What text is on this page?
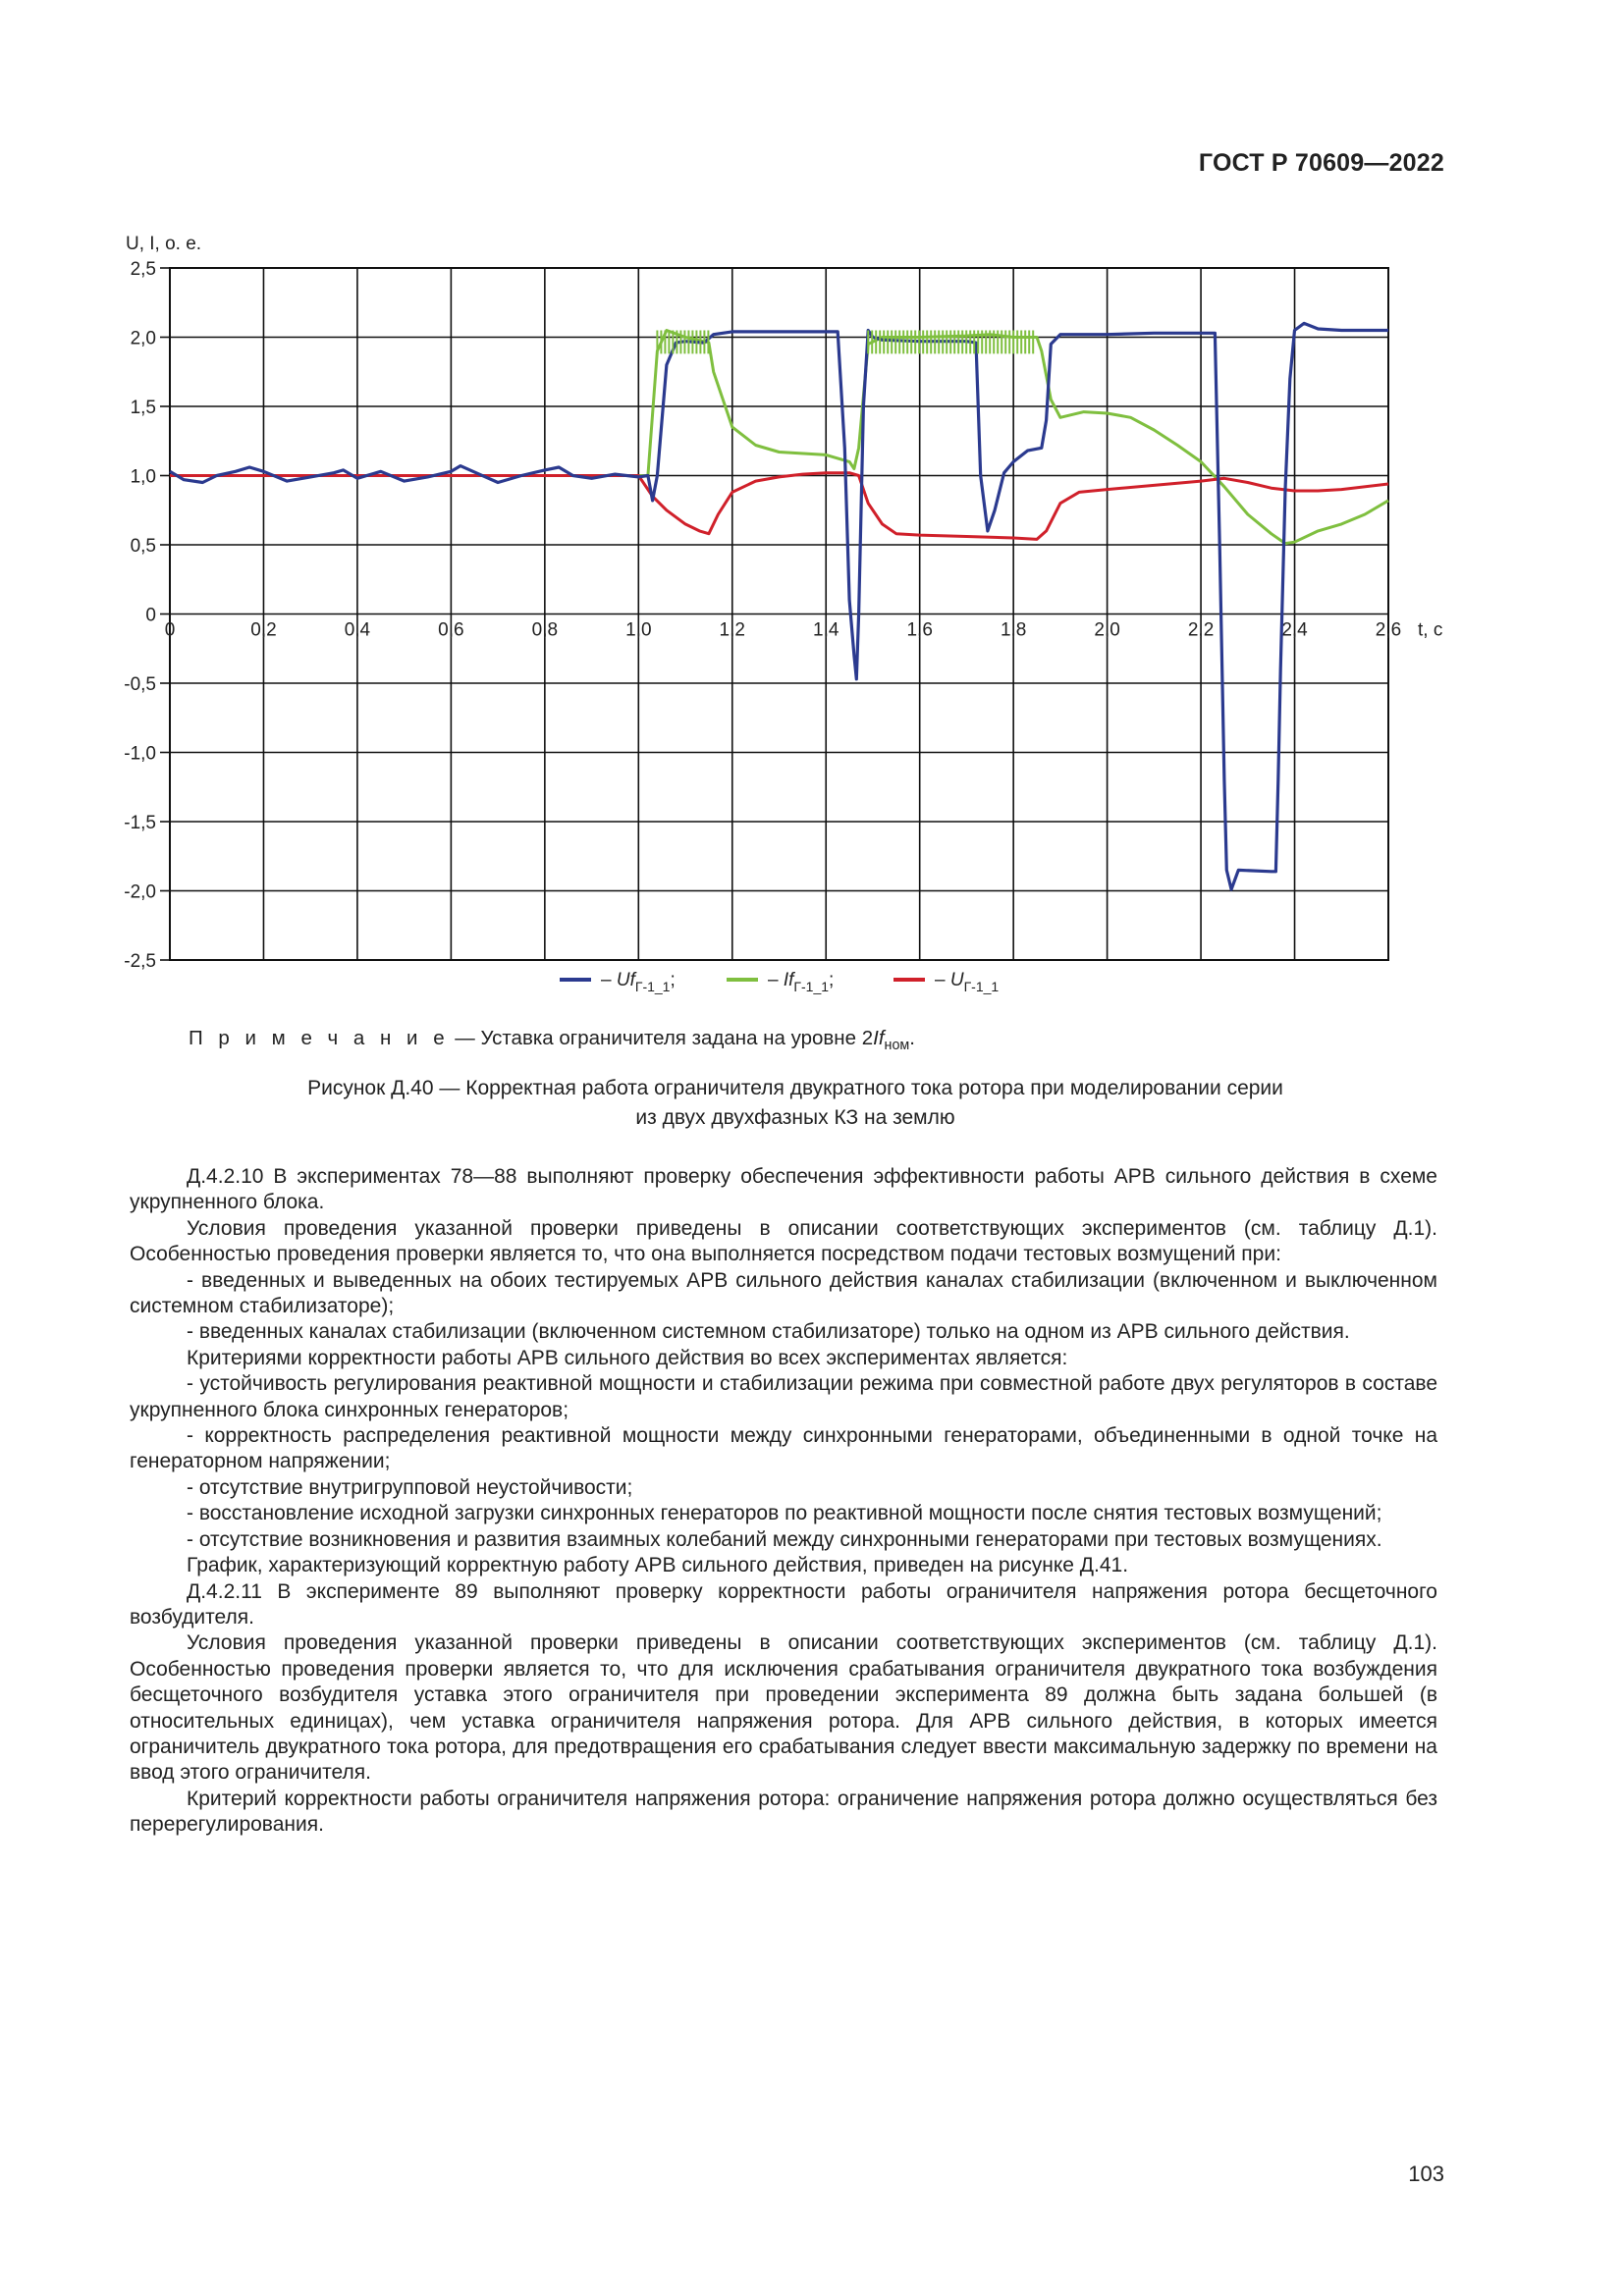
ГОСТ Р 70609—2022
0	0,2	0,4	0,6	0,8	1,0	1,2	1,4	1,6	1,8	2,0	2,2	2,4	2,6
2,5
2,0
1,5
1,0
0,5
0
-0,5
-1,0
-1,5
-2,0
-2,5
U, I, о. е.
t, с
– $Uf_{Г-1\_1}$;	– $If_{Г-1\_1}$;	– $U_{Г-1\_1}$
П р и м е ч а н и е — Уставка ограничителя задана на уровне $2If_{ном}$.
Рисунок Д.40 — Корректная работа ограничителя двукратного тока ротора при моделировании серии
из двух двухфазных КЗ на землю

Д.4.2.10 В экспериментах 78—88 выполняют проверку обеспечения эффективности работы АРВ сильного действия в схеме укрупненного блока.

Условия проведения указанной проверки приведены в описании соответствующих экспериментов (см. таблицу Д.1). Особенностью проведения проверки является то, что она выполняется посредством подачи тестовых возмущений при:

- введенных и выведенных на обоих тестируемых АРВ сильного действия каналах стабилизации (включенном и выключенном системном стабилизаторе);

- введенных каналах стабилизации (включенном системном стабилизаторе) только на одном из АРВ сильного действия.

Критериями корректности работы АРВ сильного действия во всех экспериментах является:

- устойчивость регулирования реактивной мощности и стабилизации режима при совместной работе двух регуляторов в составе укрупненного блока синхронных генераторов;

- корректность распределения реактивной мощности между синхронными генераторами, объединенными в одной точке на генераторном напряжении;

- отсутствие внутригрупповой неустойчивости;

- восстановление исходной загрузки синхронных генераторов по реактивной мощности после снятия тестовых возмущений;

- отсутствие возникновения и развития взаимных колебаний между синхронными генераторами при тестовых возмущениях.

График, характеризующий корректную работу АРВ сильного действия, приведен на рисунке Д.41.

Д.4.2.11 В эксперименте 89 выполняют проверку корректности работы ограничителя напряжения ротора бесщеточного возбудителя.

Условия проведения указанной проверки приведены в описании соответствующих экспериментов (см. таблицу Д.1). Особенностью проведения проверки является то, что для исключения срабатывания ограничителя двукратного тока возбуждения бесщеточного возбудителя уставка этого ограничителя при проведении эксперимента 89 должна быть задана большей (в относительных единицах), чем уставка ограничителя напряжения ротора. Для АРВ сильного действия, в которых имеется ограничитель двукратного тока ротора, для предотвращения его срабатывания следует ввести максимальную задержку по времени на ввод этого ограничителя.

Критерий корректности работы ограничителя напряжения ротора: ограничение напряжения ротора должно осуществляться без перерегулирования.

103
